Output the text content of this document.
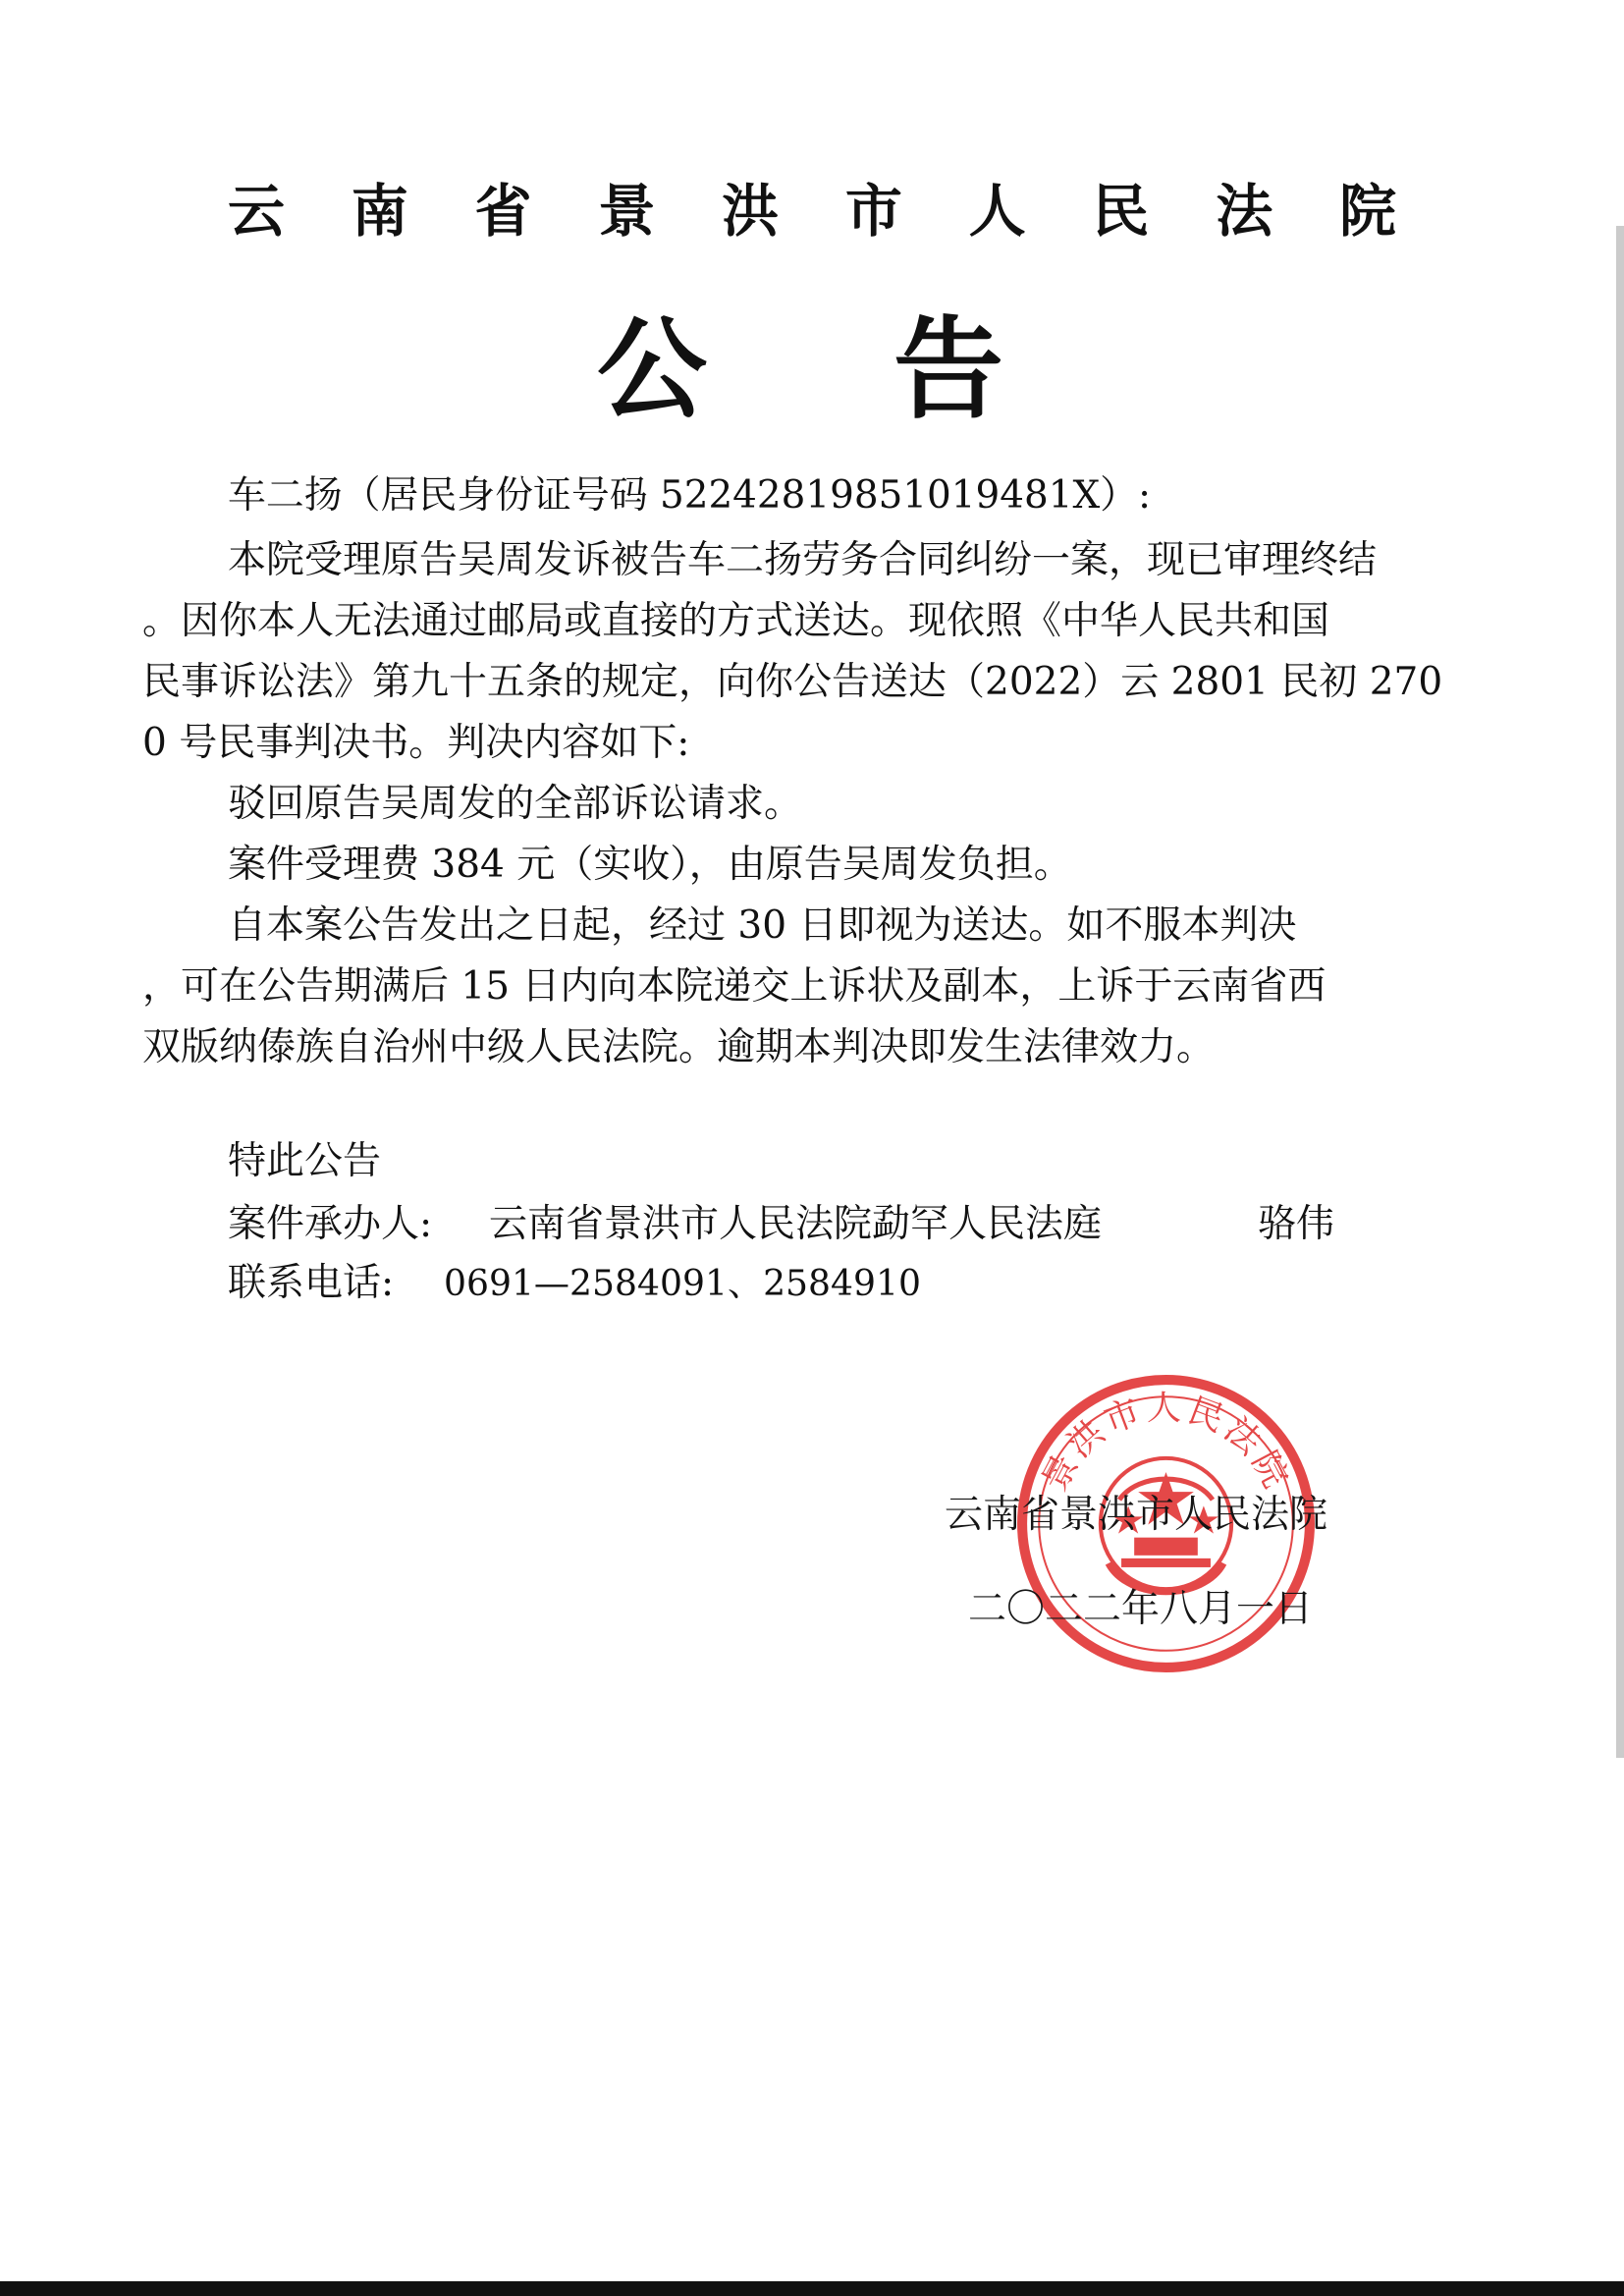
云南省景洪市人民法院
公告
车二扬（居民身份证号码 52242819851019481X）:
本院受理原告吴周发诉被告车二扬劳务合同纠纷一案，现已审理终结
。因你本人无法通过邮局或直接的方式送达。现依照《中华人民共和国
民事诉讼法》第九十五条的规定，向你公告送达（2022）云 2801 民初 270
0 号民事判决书。判决内容如下:
驳回原告吴周发的全部诉讼请求。
案件受理费 384 元（实收），由原告吴周发负担。
自本案公告发出之日起，经过 30 日即视为送达。如不服本判决
，可在公告期满后 15 日内向本院递交上诉状及副本，上诉于云南省西
双版纳傣族自治州中级人民法院。逾期本判决即发生法律效力。
特此公告
案件承办人: 云南省景洪市人民法院勐罕人民法庭	骆伟
联系电话: 0691—2584091、2584910
景洪市人民法院
云南省景洪市人民法院
二〇二二年八月一日
